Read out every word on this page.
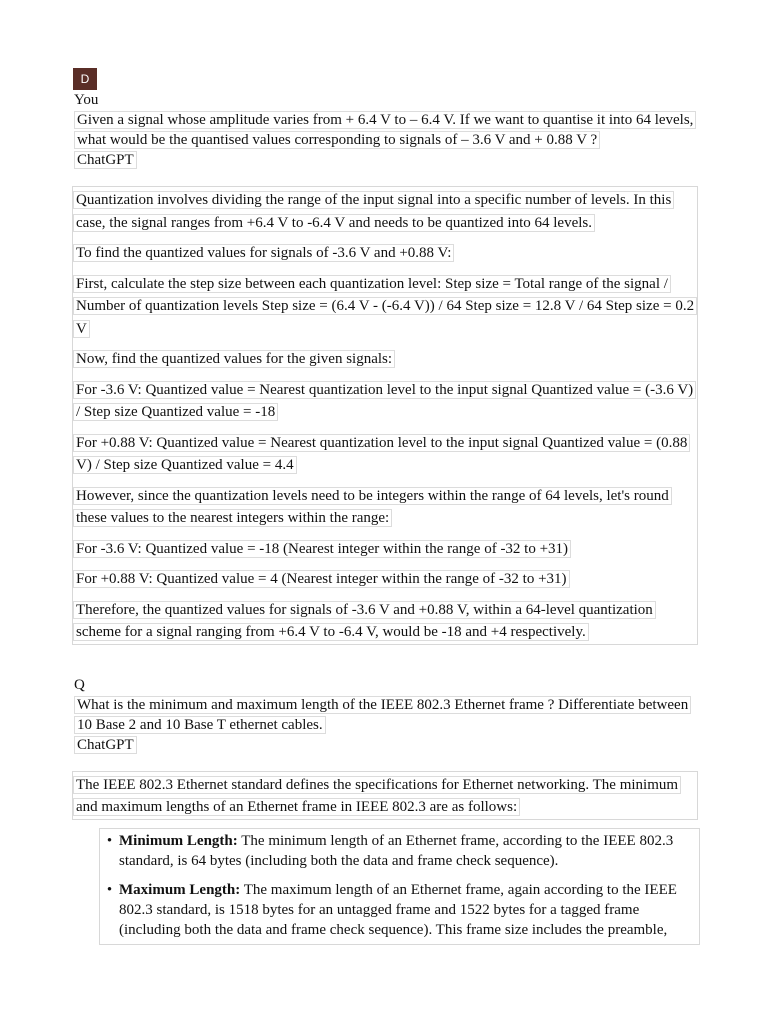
D
You
Given a signal whose amplitude varies from + 6.4 V to – 6.4 V. If we want to quantise it into 64 levels, what would be the quantised values corresponding to signals of – 3.6 V and + 0.88 V ?
ChatGPT
Quantization involves dividing the range of the input signal into a specific number of levels. In this case, the signal ranges from +6.4 V to -6.4 V and needs to be quantized into 64 levels.
To find the quantized values for signals of -3.6 V and +0.88 V:
First, calculate the step size between each quantization level: Step size = Total range of the signal / Number of quantization levels Step size = (6.4 V - (-6.4 V)) / 64 Step size = 12.8 V / 64 Step size = 0.2 V
Now, find the quantized values for the given signals:
For -3.6 V: Quantized value = Nearest quantization level to the input signal Quantized value = (-3.6 V) / Step size Quantized value = -18
For +0.88 V: Quantized value = Nearest quantization level to the input signal Quantized value = (0.88 V) / Step size Quantized value = 4.4
However, since the quantization levels need to be integers within the range of 64 levels, let's round these values to the nearest integers within the range:
For -3.6 V: Quantized value = -18 (Nearest integer within the range of -32 to +31)
For +0.88 V: Quantized value = 4 (Nearest integer within the range of -32 to +31)
Therefore, the quantized values for signals of -3.6 V and +0.88 V, within a 64-level quantization scheme for a signal ranging from +6.4 V to -6.4 V, would be -18 and +4 respectively.
Q
What is the minimum and maximum length of the IEEE 802.3 Ethernet frame ? Differentiate between 10 Base 2 and 10 Base T ethernet cables.
ChatGPT
The IEEE 802.3 Ethernet standard defines the specifications for Ethernet networking. The minimum and maximum lengths of an Ethernet frame in IEEE 802.3 are as follows:
• Minimum Length: The minimum length of an Ethernet frame, according to the IEEE 802.3 standard, is 64 bytes (including both the data and frame check sequence).
• Maximum Length: The maximum length of an Ethernet frame, again according to the IEEE 802.3 standard, is 1518 bytes for an untagged frame and 1522 bytes for a tagged frame (including both the data and frame check sequence). This frame size includes the preamble,
